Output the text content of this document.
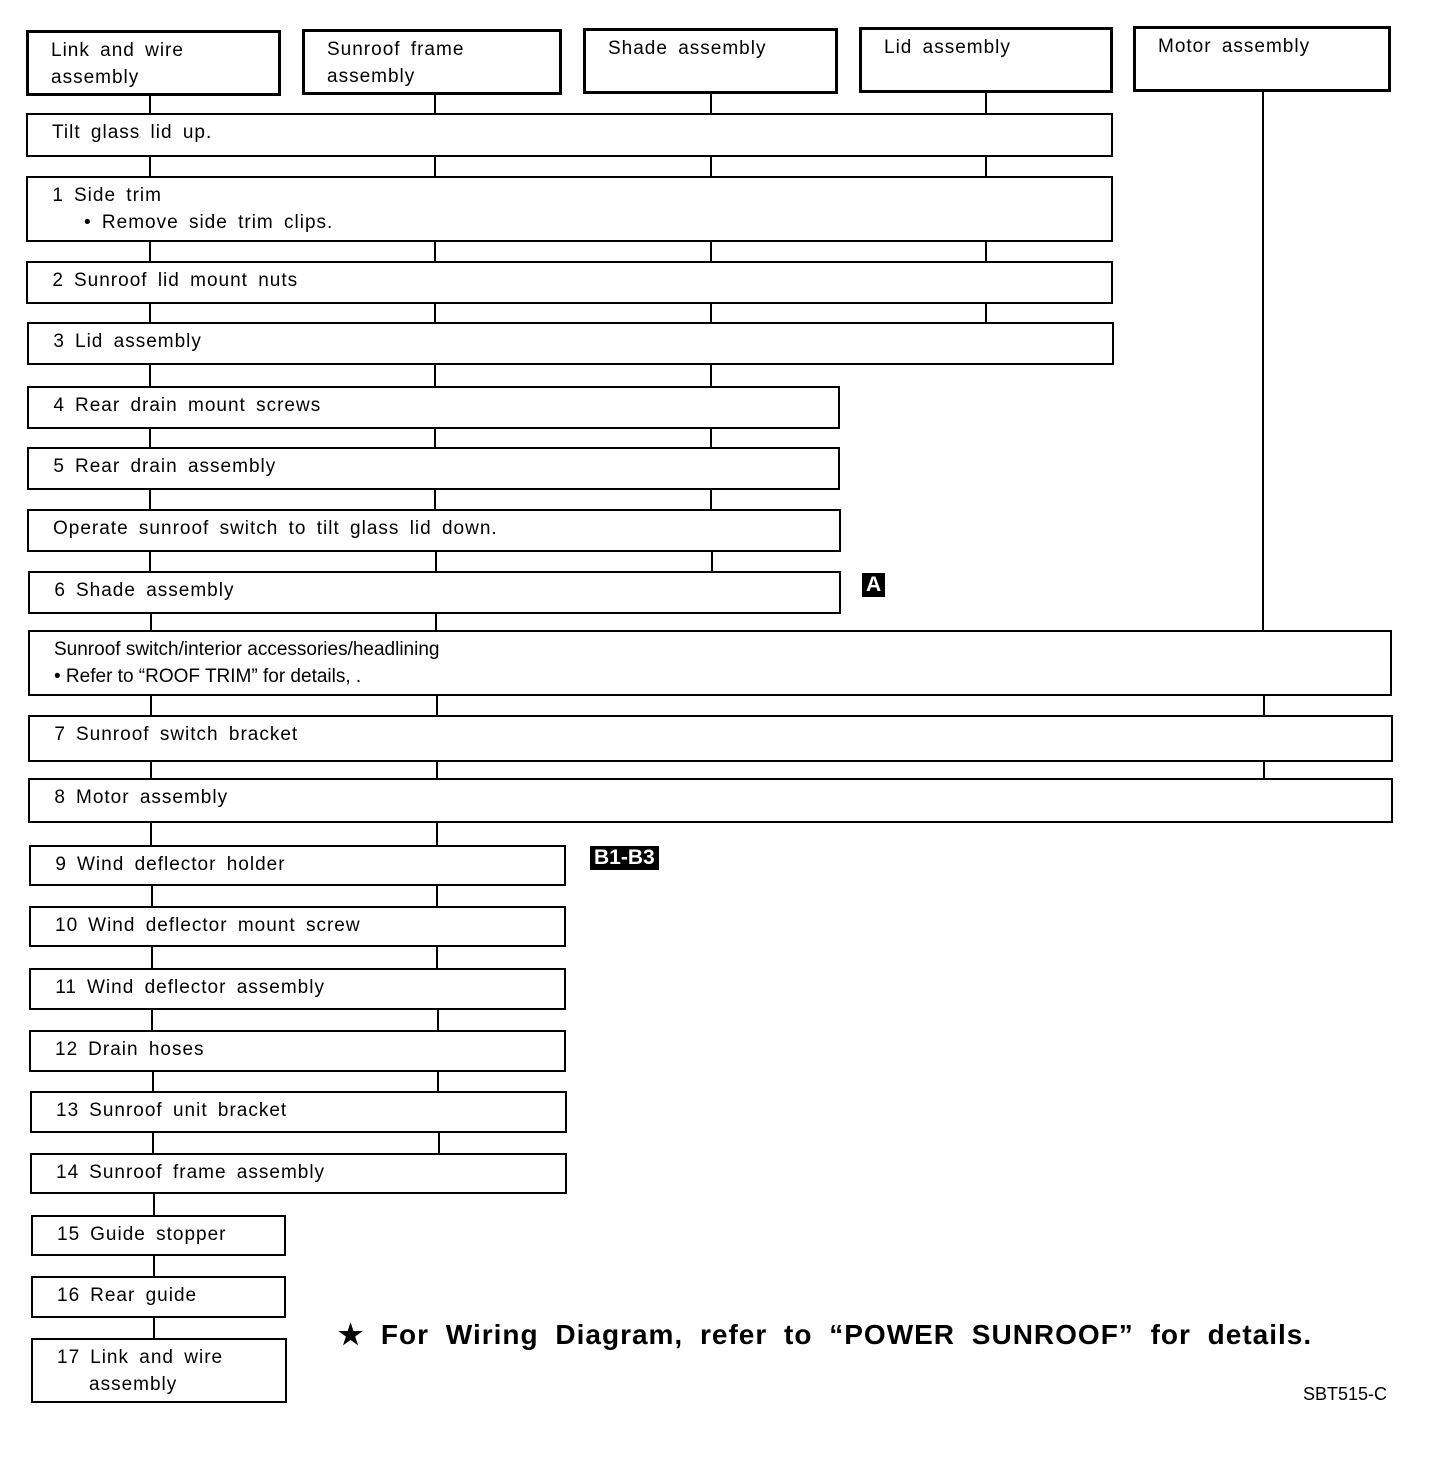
Link and wire
assembly
Sunroof frame
assembly
Shade assembly	Lid assembly	Motor assembly
Tilt glass lid up.
1 Side trim
• Remove side trim clips.
2 Sunroof lid mount nuts
3 Lid assembly
4 Rear drain mount screws
5 Rear drain assembly
Operate sunroof switch to tilt glass lid down.
6 Shade assembly
Sunroof switch/interior accessories/headlining
• Refer to “ROOF TRIM” for details, .
7 Sunroof switch bracket
8 Motor assembly
9 Wind deflector holder
10 Wind deflector mount screw
11 Wind deflector assembly
12 Drain hoses
13 Sunroof unit bracket
14 Sunroof frame assembly
15 Guide stopper
16 Rear guide
17 Link and wire
assembly
A
B1-B3
★ For Wiring Diagram, refer to “POWER SUNROOF” for details.
SBT515-C
